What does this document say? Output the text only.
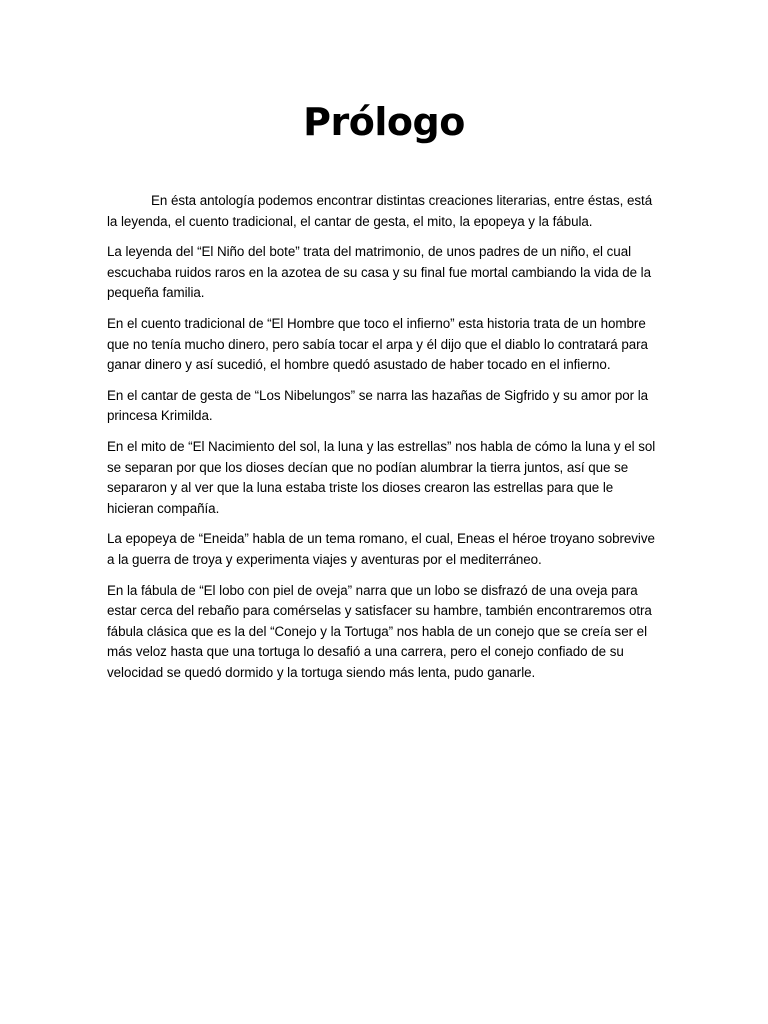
Prólogo

En ésta antología podemos encontrar distintas creaciones literarias, entre éstas, está la leyenda, el cuento tradicional, el cantar de gesta, el mito, la epopeya y la fábula.

La leyenda del “El Niño del bote” trata del matrimonio, de unos padres de un niño, el cual escuchaba ruidos raros en la azotea de su casa y su final fue mortal cambiando la vida de la pequeña familia.

En el cuento tradicional de “El Hombre que toco el infierno” esta historia trata de un hombre que no tenía mucho dinero, pero sabía tocar el arpa y él dijo que el diablo lo contratará para ganar dinero y así sucedió, el hombre quedó asustado de haber tocado en el infierno.

En el cantar de gesta de “Los Nibelungos” se narra las hazañas de Sigfrido y su amor por la princesa Krimilda.

En el mito de “El Nacimiento del sol, la luna y las estrellas” nos habla de cómo la luna y el sol se separan por que los dioses decían que no podían alumbrar la tierra juntos, así que se separaron y al ver que la luna estaba triste los dioses crearon las estrellas para que le hicieran compañía.

La epopeya de “Eneida” habla de un tema romano, el cual, Eneas el héroe troyano sobrevive a la guerra de troya y experimenta viajes y aventuras por el mediterráneo.

En la fábula de “El lobo con piel de oveja” narra que un lobo se disfrazó de una oveja para estar cerca del rebaño para comérselas y satisfacer su hambre, también encontraremos otra fábula clásica que es la del “Conejo y la Tortuga” nos habla de un conejo que se creía ser el más veloz hasta que una tortuga lo desafió a una carrera, pero el conejo confiado de su velocidad se quedó dormido y la tortuga siendo más lenta, pudo ganarle.
